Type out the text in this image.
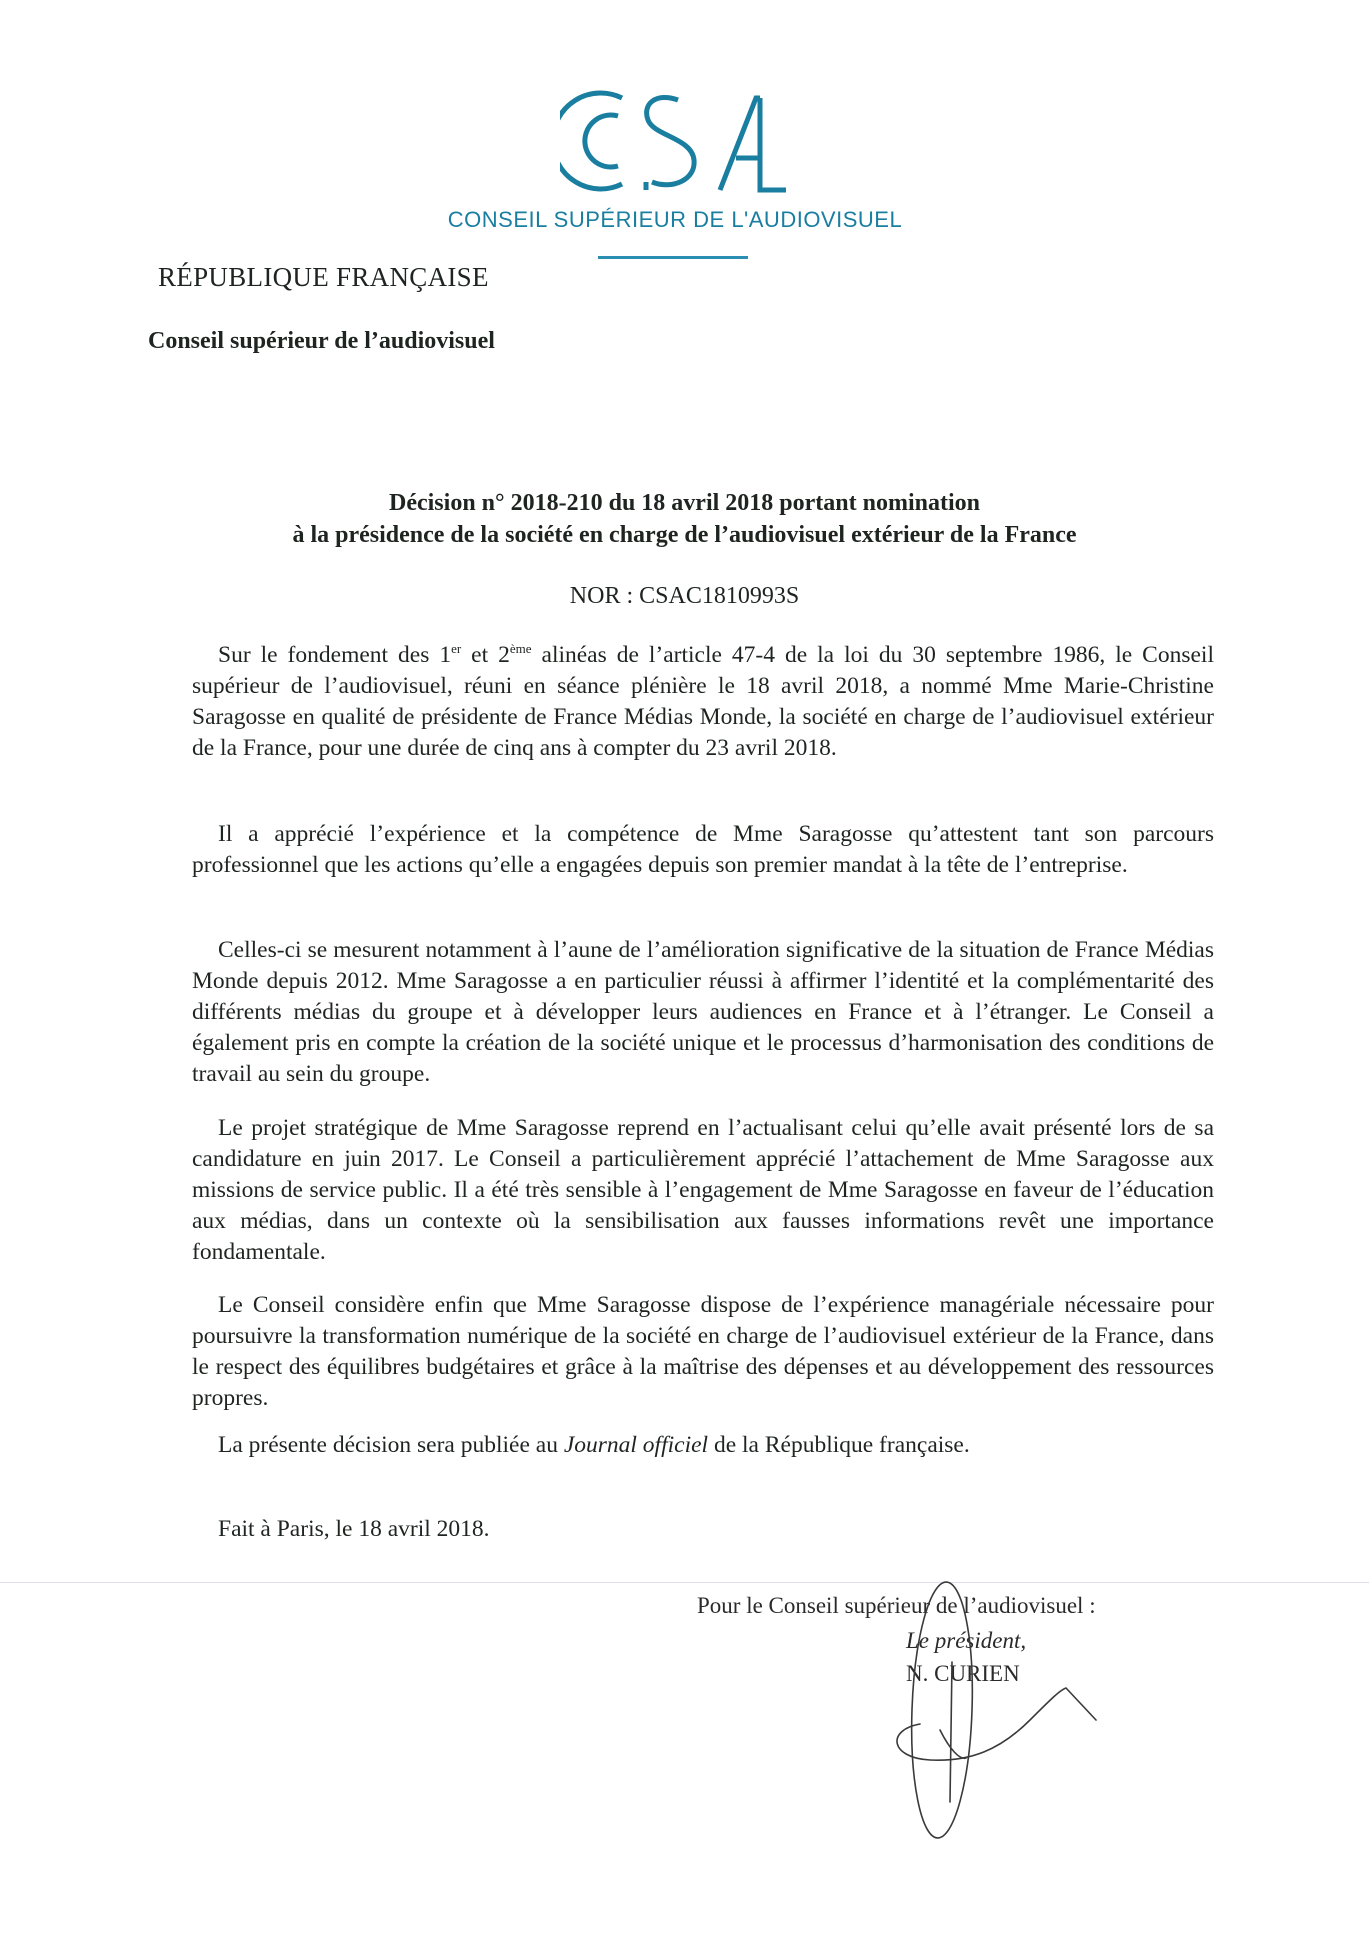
CONSEIL SUPÉRIEUR DE L'AUDIOVISUEL
RÉPUBLIQUE FRANÇAISE
Conseil supérieur de l’audiovisuel
Décision n° 2018-210 du 18 avril 2018 portant nomination
à la présidence de la société en charge de l’audiovisuel extérieur de la France
NOR : CSAC1810993S
Sur le fondement des 1er et 2ème alinéas de l’article 47-4 de la loi du 30 septembre 1986, le Conseil supérieur de l’audiovisuel, réuni en séance plénière le 18 avril 2018, a nommé Mme Marie-Christine Saragosse en qualité de présidente de France Médias Monde, la société en charge de l’audiovisuel extérieur de la France, pour une durée de cinq ans à compter du 23 avril 2018.
Il a apprécié l’expérience et la compétence de Mme Saragosse qu’attestent tant son parcours professionnel que les actions qu’elle a engagées depuis son premier mandat à la tête de l’entreprise.
Celles-ci se mesurent notamment à l’aune de l’amélioration significative de la situation de France Médias Monde depuis 2012. Mme Saragosse a en particulier réussi à affirmer l’identité et la complémentarité des différents médias du groupe et à développer leurs audiences en France et à l’étranger. Le Conseil a également pris en compte la création de la société unique et le processus d’harmonisation des conditions de travail au sein du groupe.
Le projet stratégique de Mme Saragosse reprend en l’actualisant celui qu’elle avait présenté lors de sa candidature en juin 2017. Le Conseil a particulièrement apprécié l’attachement de Mme Saragosse aux missions de service public. Il a été très sensible à l’engagement de Mme Saragosse en faveur de l’éducation aux médias, dans un contexte où la sensibilisation aux fausses informations revêt une importance fondamentale.
Le Conseil considère enfin que Mme Saragosse dispose de l’expérience managériale nécessaire pour poursuivre la transformation numérique de la société en charge de l’audiovisuel extérieur de la France, dans le respect des équilibres budgétaires et grâce à la maîtrise des dépenses et au développement des ressources propres.
La présente décision sera publiée au Journal officiel de la République française.
Fait à Paris, le 18 avril 2018.
Pour le Conseil supérieur de l’audiovisuel :
Le président,
N. CURIEN
